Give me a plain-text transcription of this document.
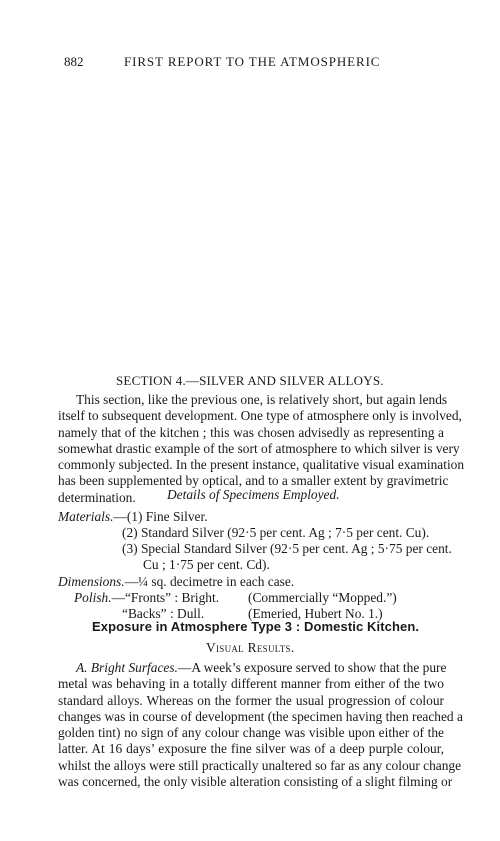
882	FIRST REPORT TO THE ATMOSPHERIC
SECTION 4.—SILVER AND SILVER ALLOYS.
This section, like the previous one, is relatively short, but again lends
itself to subsequent development. One type of atmosphere only is involved,
namely that of the kitchen ; this was chosen advisedly as representing a
somewhat drastic example of the sort of atmosphere to which silver is very
commonly subjected. In the present instance, qualitative visual examination
has been supplemented by optical, and to a smaller extent by gravimetric
determination.	Details of Specimens Employed.
Materials.—(1) Fine Silver.
(2) Standard Silver (92·5 per cent. Ag ; 7·5 per cent. Cu).
(3) Special Standard Silver (92·5 per cent. Ag ; 5·75 per cent.
Cu ; 1·75 per cent. Cd).
Dimensions.—¼ sq. decimetre in each case.
Polish.—“Fronts” : Bright. (Commercially “Mopped.”)
“Backs” : Dull.	(Emeried, Hubert No. 1.)
Exposure in Atmosphere Type 3 : Domestic Kitchen.
Visual Results.
A. Bright Surfaces.—A week’s exposure served to show that the pure
metal was behaving in a totally different manner from either of the two
standard alloys. Whereas on the former the usual progression of colour
changes was in course of development (the specimen having then reached a
golden tint) no sign of any colour change was visible upon either of the
latter. At 16 days’ exposure the fine silver was of a deep purple colour,
whilst the alloys were still practically unaltered so far as any colour change
was concerned, the only visible alteration consisting of a slight filming or
